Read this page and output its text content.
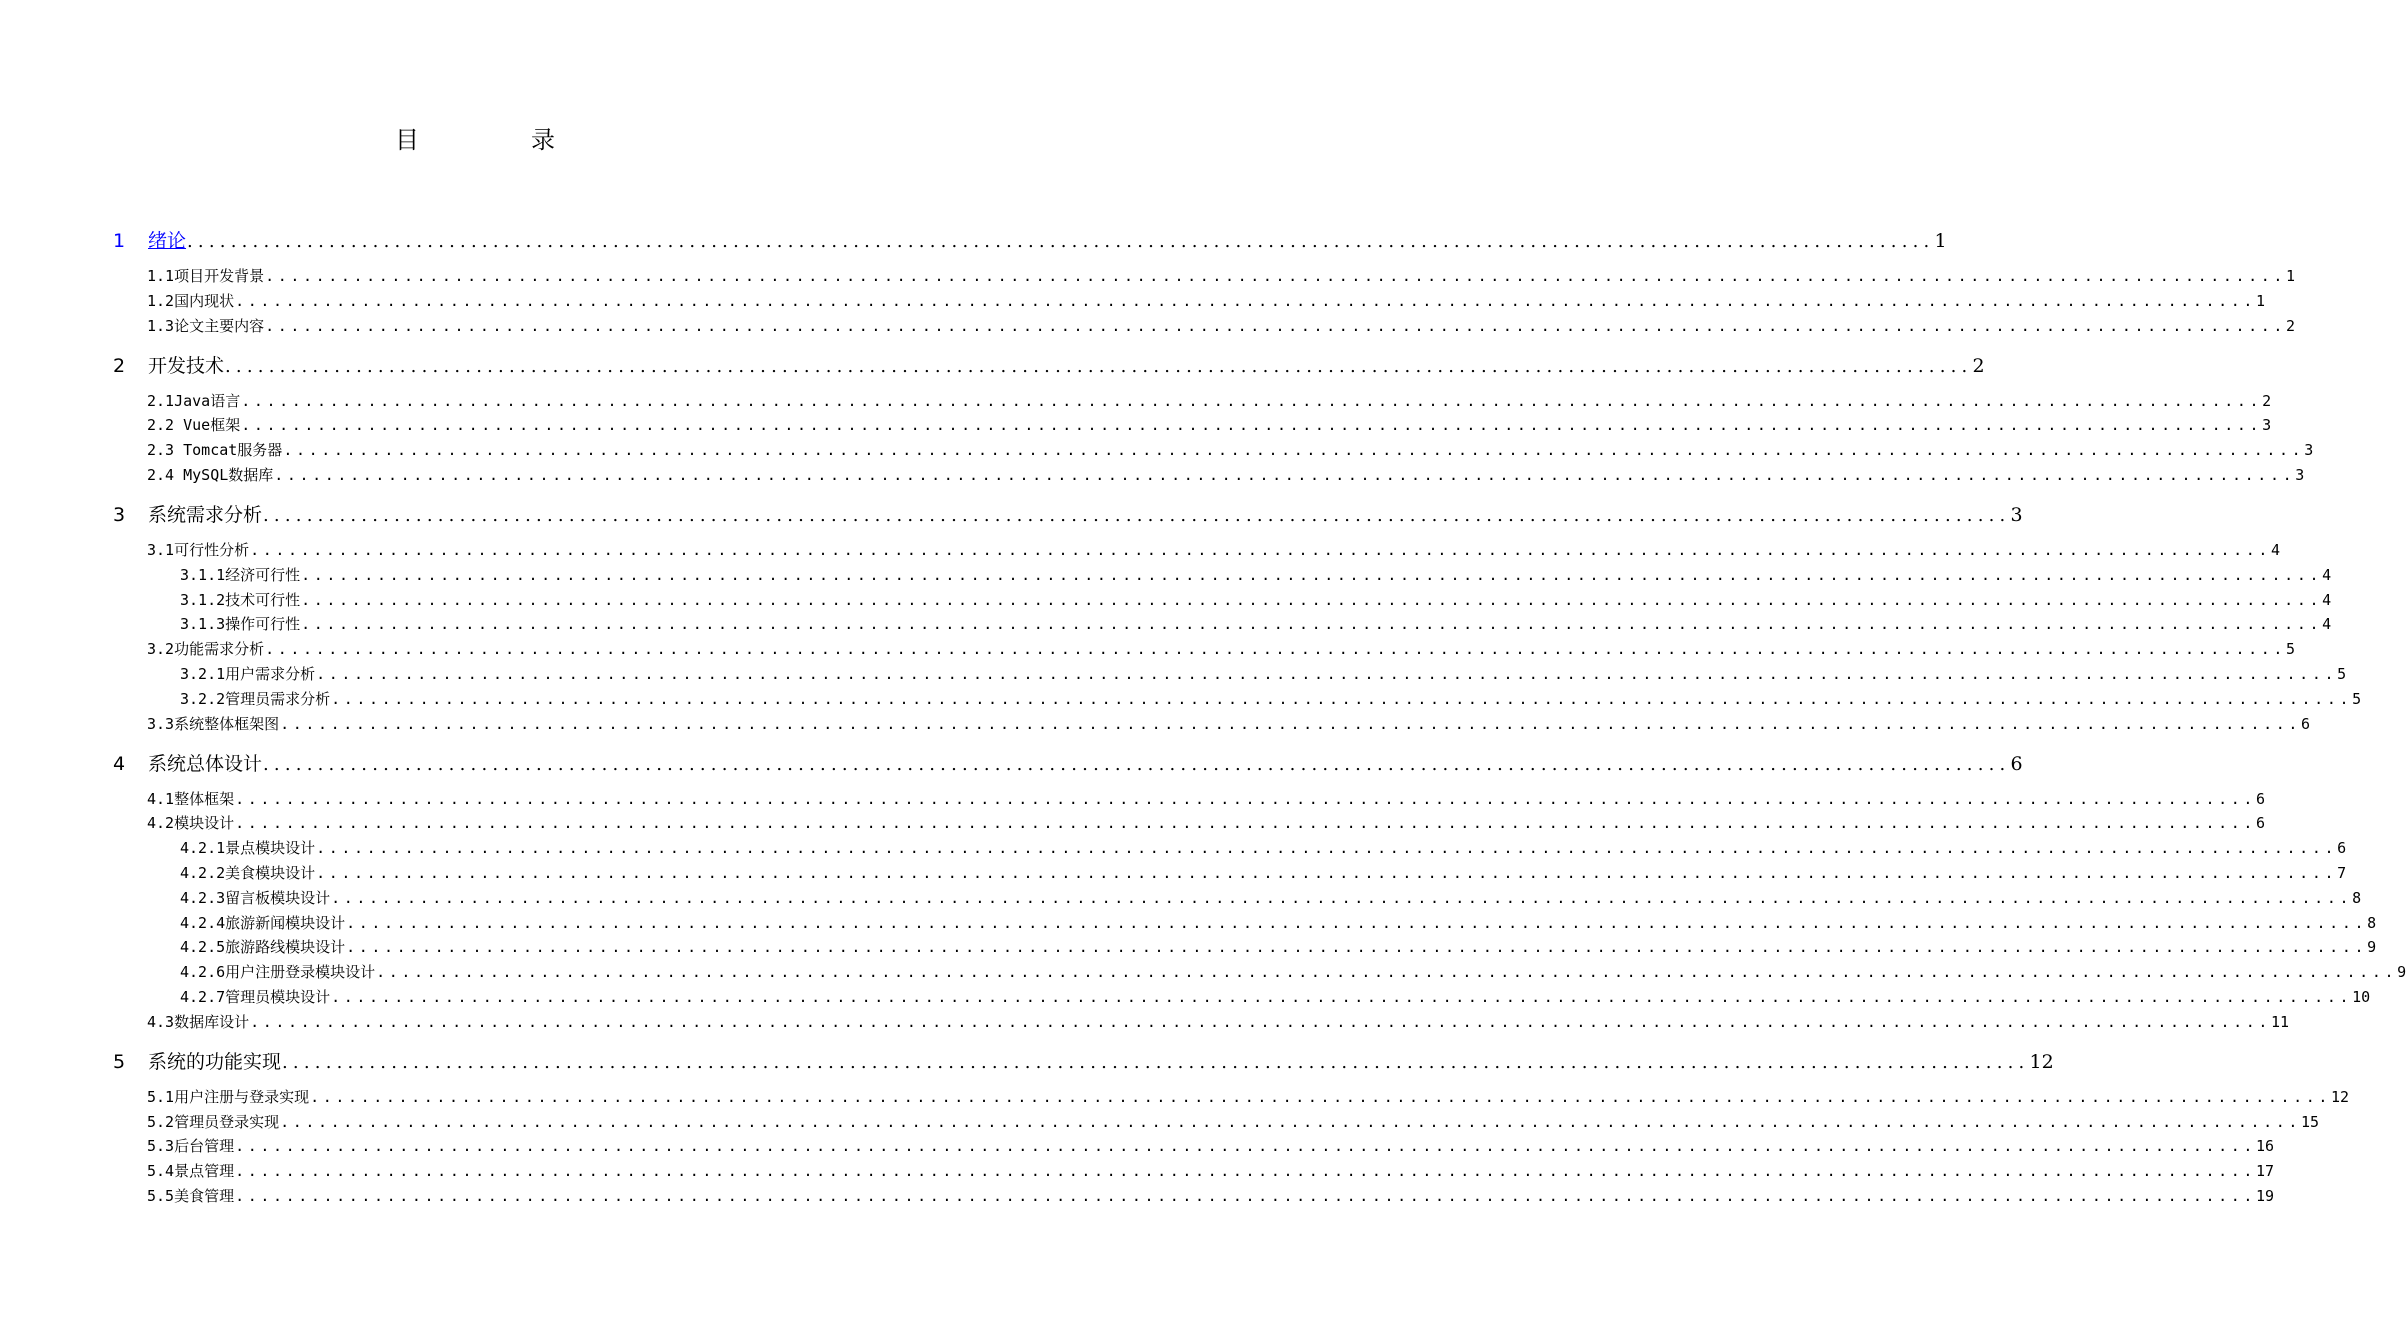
目　录
1 绪论 ................................................................................................................................................................ 1
1.1项目开发背景 ................................................................................................................................................................ 1
1.2国内现状 ................................................................................................................................................................ 1
1.3论文主要内容 ................................................................................................................................................................ 2
2 开发技术 ................................................................................................................................................................ 2
2.1Java语言 ................................................................................................................................................................ 2
2.2 Vue框架 ................................................................................................................................................................ 3
2.3 Tomcat服务器 ................................................................................................................................................................ 3
2.4 MySQL数据库 ................................................................................................................................................................ 3
3 系统需求分析 ................................................................................................................................................................ 3
3.1可行性分析 ................................................................................................................................................................ 4
3.1.1经济可行性 ................................................................................................................................................................ 4
3.1.2技术可行性 ................................................................................................................................................................ 4
3.1.3操作可行性 ................................................................................................................................................................ 4
3.2功能需求分析 ................................................................................................................................................................ 5
3.2.1用户需求分析 ................................................................................................................................................................ 5
3.2.2管理员需求分析 ................................................................................................................................................................ 5
3.3系统整体框架图 ................................................................................................................................................................ 6
4 系统总体设计 ................................................................................................................................................................ 6
4.1整体框架 ................................................................................................................................................................ 6
4.2模块设计 ................................................................................................................................................................ 6
4.2.1景点模块设计 ................................................................................................................................................................ 6
4.2.2美食模块设计 ................................................................................................................................................................ 7
4.2.3留言板模块设计 ................................................................................................................................................................ 8
4.2.4旅游新闻模块设计 ................................................................................................................................................................ 8
4.2.5旅游路线模块设计 ................................................................................................................................................................ 9
4.2.6用户注册登录模块设计 ................................................................................................................................................................ 9
4.2.7管理员模块设计 ................................................................................................................................................................ 10
4.3数据库设计 ................................................................................................................................................................ 11
5 系统的功能实现 ................................................................................................................................................................ 12
5.1用户注册与登录实现 ................................................................................................................................................................ 12
5.2管理员登录实现 ................................................................................................................................................................ 15
5.3后台管理 ................................................................................................................................................................ 16
5.4景点管理 ................................................................................................................................................................ 17
5.5美食管理 ................................................................................................................................................................ 19
